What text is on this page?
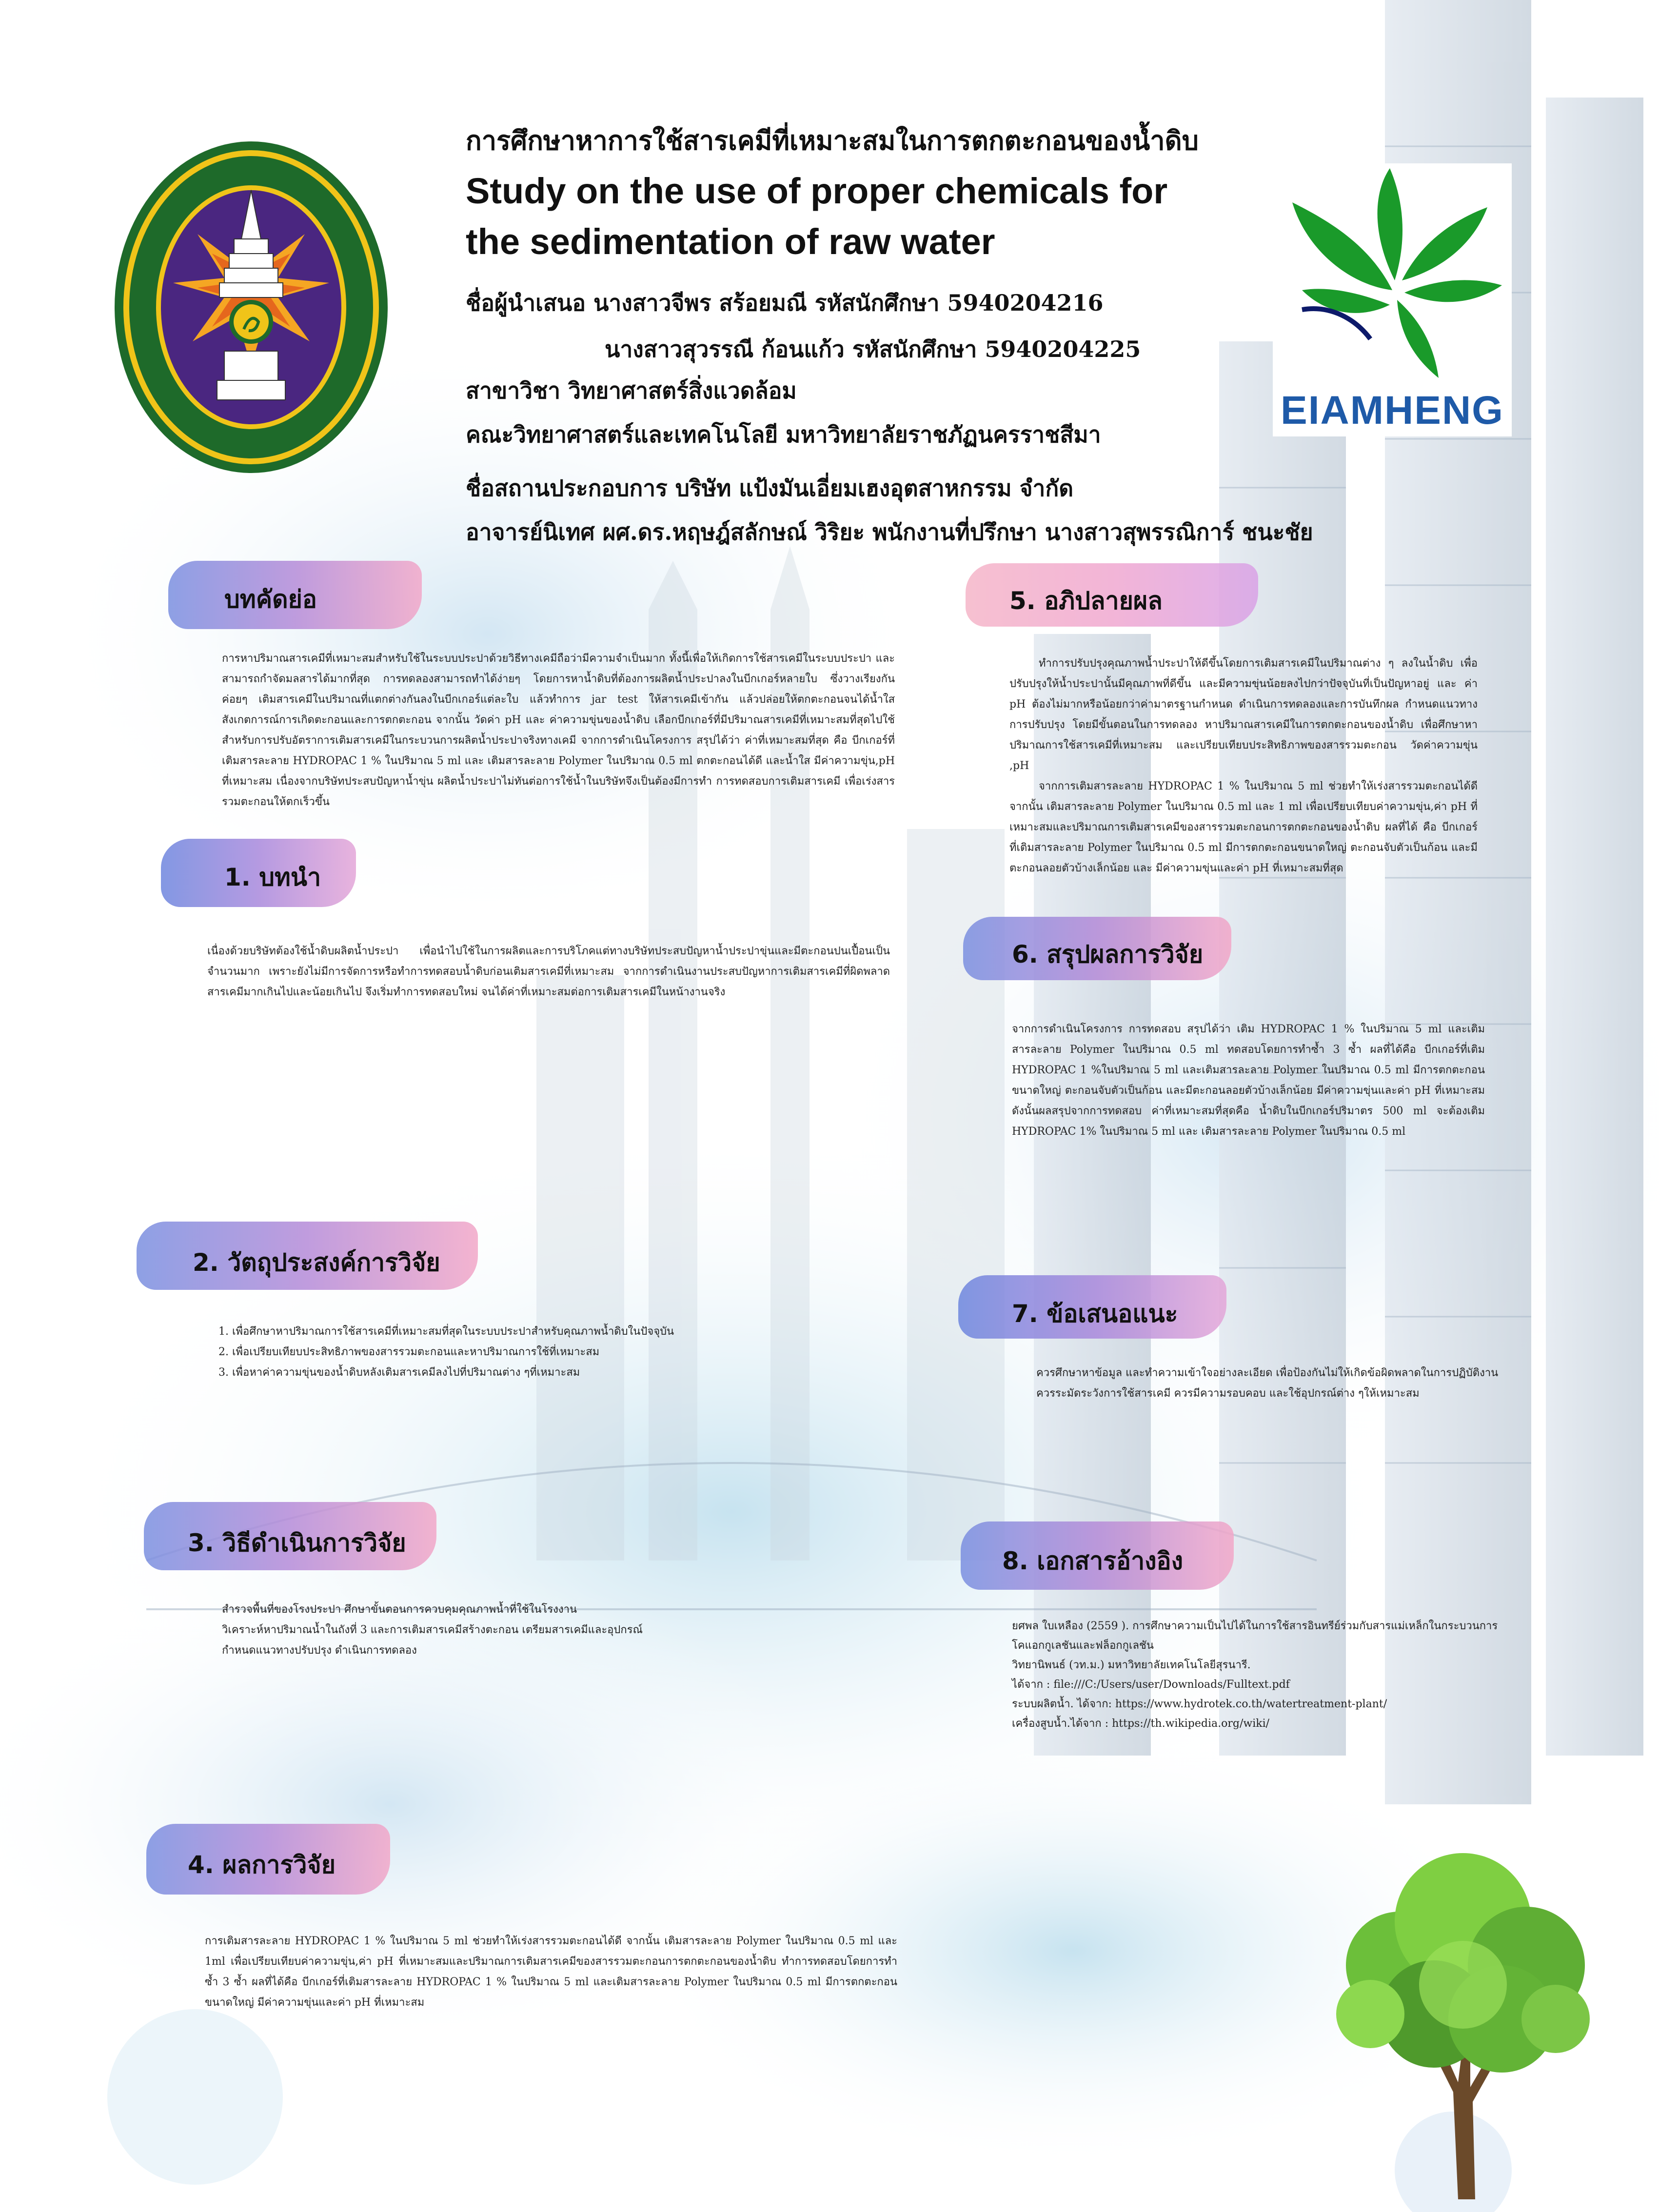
EIAMHENG
การศึกษาหาการใช้สารเคมีที่เหมาะสมในการตกตะกอนของน้ำดิบ
Study on the use of proper chemicals for
the sedimentation of raw water
ชื่อผู้นำเสนอ นางสาวจีพร สร้อยมณี รหัสนักศึกษา 5940204216
นางสาวสุวรรณี ก้อนแก้ว รหัสนักศึกษา 5940204225
สาขาวิชา วิทยาศาสตร์สิ่งแวดล้อม
คณะวิทยาศาสตร์และเทคโนโลยี มหาวิทยาลัยราชภัฏนครราชสีมา
ชื่อสถานประกอบการ บริษัท แป้งมันเอี่ยมเฮงอุตสาหกรรม จำกัด
อาจารย์นิเทศ ผศ.ดร.หฤษฎ์สลักษณ์ วิริยะ พนักงานที่ปรึกษา นางสาวสุพรรณิการ์ ชนะชัย
บทคัดย่อ
การหาปริมาณสารเคมีที่เหมาะสมสำหรับใช้ในระบบประปาด้วยวิธีทางเคมีถือว่ามีความจำเป็นมาก ทั้งนี้เพื่อให้เกิดการใช้สารเคมีในระบบประปา และสามารถกำจัดมลสารได้มากที่สุด การทดลองสามารถทำได้ง่ายๆ โดยการหาน้ำดิบที่ต้องการผลิตน้ำประปาลงในบีกเกอร์หลายใบ ซึ่งวางเรียงกัน ค่อยๆ เติมสารเคมีในปริมาณที่แตกต่างกันลงในบีกเกอร์แต่ละใบ แล้วทำการ jar test ให้สารเคมีเข้ากัน แล้วปล่อยให้ตกตะกอนจนได้น้ำใส สังเกตการณ์การเกิดตะกอนและการตกตะกอน จากนั้น วัดค่า pH และ ค่าความขุ่นของน้ำดิบ เลือกบีกเกอร์ที่มีปริมาณสารเคมีที่เหมาะสมที่สุดไปใช้ สำหรับการปรับอัตราการเติมสารเคมีในกระบวนการผลิตน้ำประปาจริงทางเคมี จากการดำเนินโครงการ สรุปได้ว่า ค่าที่เหมาะสมที่สุด คือ บีกเกอร์ที่เติมสารละลาย HYDROPAC 1 % ในปริมาณ 5 ml และ เติมสารละลาย Polymer ในปริมาณ 0.5 ml ตกตะกอนได้ดี และน้ำใส มีค่าความขุ่น,pH ที่เหมาะสม เนื่องจากบริษัทประสบปัญหาน้ำขุ่น ผลิตน้ำประปาไม่ทันต่อการใช้น้ำในบริษัทจึงเป็นต้องมีการทำ การทดสอบการเติมสารเคมี เพื่อเร่งสารรวมตะกอนให้ตกเร็วขึ้น
1. บทนำ
เนื่องด้วยบริษัทต้องใช้น้ำดิบผลิตน้ำประปา เพื่อนำไปใช้ในการผลิตและการบริโภคแต่ทางบริษัทประสบปัญหาน้ำประปาขุ่นและมีตะกอนปนเปื้อนเป็นจำนวนมาก เพราะยังไม่มีการจัดการหรือทำการทดสอบน้ำดิบก่อนเติมสารเคมีที่เหมาะสม จากการดำเนินงานประสบปัญหาการเติมสารเคมีที่ผิดพลาด สารเคมีมากเกินไปและน้อยเกินไป จึงเริ่มทำการทดสอบใหม่ จนได้ค่าที่เหมาะสมต่อการเติมสารเคมีในหน้างานจริง
2. วัตถุประสงค์การวิจัย

1. เพื่อศึกษาหาปริมาณการใช้สารเคมีที่เหมาะสมที่สุดในระบบประปาสำหรับคุณภาพน้ำดิบในปัจจุบัน

2. เพื่อเปรียบเทียบประสิทธิภาพของสารรวมตะกอนและหาปริมาณการใช้ที่เหมาะสม

3. เพื่อหาค่าความขุ่นของน้ำดิบหลังเติมสารเคมีลงไปที่ปริมาณต่าง ๆที่เหมาะสม

3. วิธีดำเนินการวิจัย

สำรวจพื้นที่ของโรงประปา ศึกษาขั้นตอนการควบคุมคุณภาพน้ำที่ใช้ในโรงงาน

วิเคราะห์หาปริมาณน้ำในถังที่ 3 และการเติมสารเคมีสร้างตะกอน เตรียมสารเคมีและอุปกรณ์

กำหนดแนวทางปรับปรุง ดำเนินการทดลอง

4. ผลการวิจัย
การเติมสารละลาย HYDROPAC 1 % ในปริมาณ 5 ml ช่วยทำให้เร่งสารรวมตะกอนได้ดี จากนั้น เติมสารละลาย Polymer ในปริมาณ 0.5 ml และ 1ml เพื่อเปรียบเทียบค่าความขุ่น,ค่า pH ที่เหมาะสมและปริมาณการเติมสารเคมีของสารรวมตะกอนการตกตะกอนของน้ำดิบ ทำการทดสอบโดยการทำซ้ำ 3 ซ้ำ ผลที่ได้คือ บีกเกอร์ที่เติมสารละลาย HYDROPAC 1 % ในปริมาณ 5 ml และเติมสารละลาย Polymer ในปริมาณ 0.5 ml มีการตกตะกอนขนาดใหญ่ มีค่าความขุ่นและค่า pH ที่เหมาะสม
5. อภิปลายผล

ทำการปรับปรุงคุณภาพน้ำประปาให้ดีขึ้นโดยการเติมสารเคมีในปริมาณต่าง ๆ ลงในน้ำดิบ เพื่อปรับปรุงให้น้ำประปานั้นมีคุณภาพที่ดีขึ้น และมีความขุ่นน้อยลงไปกว่าปัจจุบันที่เป็นปัญหาอยู่ และ ค่า pH ต้องไม่มากหรือน้อยกว่าค่ามาตรฐานกำหนด ดำเนินการทดลองและการบันทึกผล กำหนดแนวทางการปรับปรุง โดยมีขั้นตอนในการทดลอง หาปริมาณสารเคมีในการตกตะกอนของน้ำดิบ เพื่อศึกษาหาปริมาณการใช้สารเคมีที่เหมาะสม และเปรียบเทียบประสิทธิภาพของสารรวมตะกอน วัดค่าความขุ่น ,pH

จากการเติมสารละลาย HYDROPAC 1 % ในปริมาณ 5 ml ช่วยทำให้เร่งสารรวมตะกอนได้ดี จากนั้น เติมสารละลาย Polymer ในปริมาณ 0.5 ml และ 1 ml เพื่อเปรียบเทียบค่าความขุ่น,ค่า pH ที่เหมาะสมและปริมาณการเติมสารเคมีของสารรวมตะกอนการตกตะกอนของน้ำดิบ ผลที่ได้ คือ บีกเกอร์ที่เติมสารละลาย Polymer ในปริมาณ 0.5 ml มีการตกตะกอนขนาดใหญ่ ตะกอนจับตัวเป็นก้อน และมีตะกอนลอยตัวบ้างเล็กน้อย และ มีค่าความขุ่นและค่า pH ที่เหมาะสมที่สุด

6. สรุปผลการวิจัย
จากการดำเนินโครงการ การทดสอบ สรุปได้ว่า เติม HYDROPAC 1 % ในปริมาณ 5 ml และเติมสารละลาย Polymer ในปริมาณ 0.5 ml ทดสอบโดยการทำซ้ำ 3 ซ้ำ ผลที่ได้คือ บีกเกอร์ที่เติม HYDROPAC 1 %ในปริมาณ 5 ml และเติมสารละลาย Polymer ในปริมาณ 0.5 ml มีการตกตะกอนขนาดใหญ่ ตะกอนจับตัวเป็นก้อน และมีตะกอนลอยตัวบ้างเล็กน้อย มีค่าความขุ่นและค่า pH ที่เหมาะสม ดังนั้นผลสรุปจากการทดสอบ ค่าที่เหมาะสมที่สุดคือ น้ำดิบในบีกเกอร์ปริมาตร 500 ml จะต้องเติม HYDROPAC 1% ในปริมาณ 5 ml และ เติมสารละลาย Polymer ในปริมาณ 0.5 ml
7. ข้อเสนอแนะ

ควรศึกษาหาข้อมูล และทำความเข้าใจอย่างละเอียด เพื่อป้องกันไม่ให้เกิดข้อผิดพลาดในการปฏิบัติงาน

ควรระมัดระวังการใช้สารเคมี ควรมีความรอบคอบ และใช้อุปกรณ์ต่าง ๆให้เหมาะสม

8. เอกสารอ้างอิง

ยศพล ใบเหลือง (2559 ). การศึกษาความเป็นไปได้ในการใช้สารอินทรีย์ร่วมกับสารแม่เหล็กในกระบวนการโคแอกกูเลชันและฟล็อกกูเลชัน

วิทยานิพนธ์ (วท.ม.) มหาวิทยาลัยเทคโนโลยีสุรนารี.

ได้จาก : file:///C:/Users/user/Downloads/Fulltext.pdf

ระบบผลิตน้ำ. ได้จาก: https://www.hydrotek.co.th/watertreatment-plant/

เครื่องสูบน้ำ.ได้จาก : https://th.wikipedia.org/wiki/
